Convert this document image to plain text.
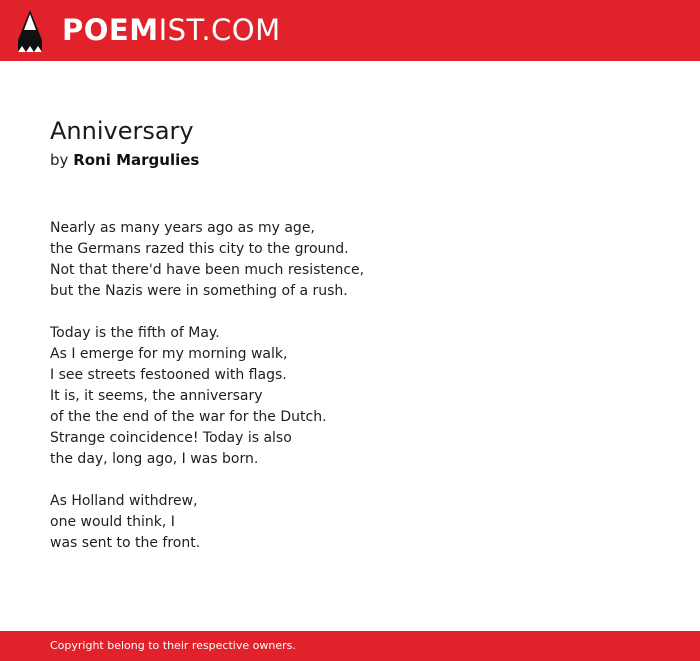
POEMIST.COM
Anniversary
by Roni Margulies
Nearly as many years ago as my age,
the Germans razed this city to the ground.
Not that there'd have been much resistence,
but the Nazis were in something of a rush.
Today is the fifth of May.
As I emerge for my morning walk,
I see streets festooned with flags.
It is, it seems, the anniversary
of the the end of the war for the Dutch.
Strange coincidence! Today is also
the day, long ago, I was born.
As Holland withdrew,
one would think, I
was sent to the front.
Copyright belong to their respective owners.
